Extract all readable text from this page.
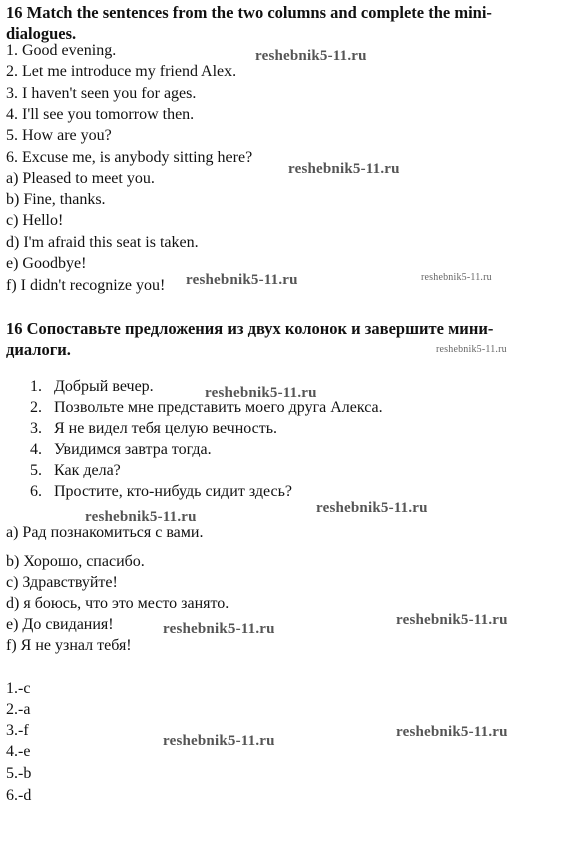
16 Match the sentences from the two columns and complete the mini-dialogues.
1. Good evening.
2. Let me introduce my friend Alex.
3. I haven't seen you for ages.
4. I'll see you tomorrow then.
5. How are you?
6. Excuse me, is anybody sitting here?
a) Pleased to meet you.
b) Fine, thanks.
c) Hello!
d) I'm afraid this seat is taken.
e) Goodbye!
f) I didn't recognize you!
16 Сопоставьте предложения из двух колонок и завершите мини-диалоги.
1. Добрый вечер.
2. Позвольте мне представить моего друга Алекса.
3. Я не видел тебя целую вечность.
4. Увидимся завтра тогда.
5. Как дела?
6. Простите, кто-нибудь сидит здесь?
a) Рад познакомиться с вами.
b) Хорошо, спасибо.
c) Здравствуйте!
d) я боюсь, что это место занято.
e) До свидания!
f) Я не узнал тебя!
1.-c
2.-a
3.-f
4.-e
5.-b
6.-d
reshebnik5-11.ru
reshebnik5-11.ru
reshebnik5-11.ru	reshebnik5-11.ru
reshebnik5-11.ru
reshebnik5-11.ru
reshebnik5-11.ru
reshebnik5-11.ru
reshebnik5-11.ru
reshebnik5-11.ru
reshebnik5-11.ru
reshebnik5-11.ru
